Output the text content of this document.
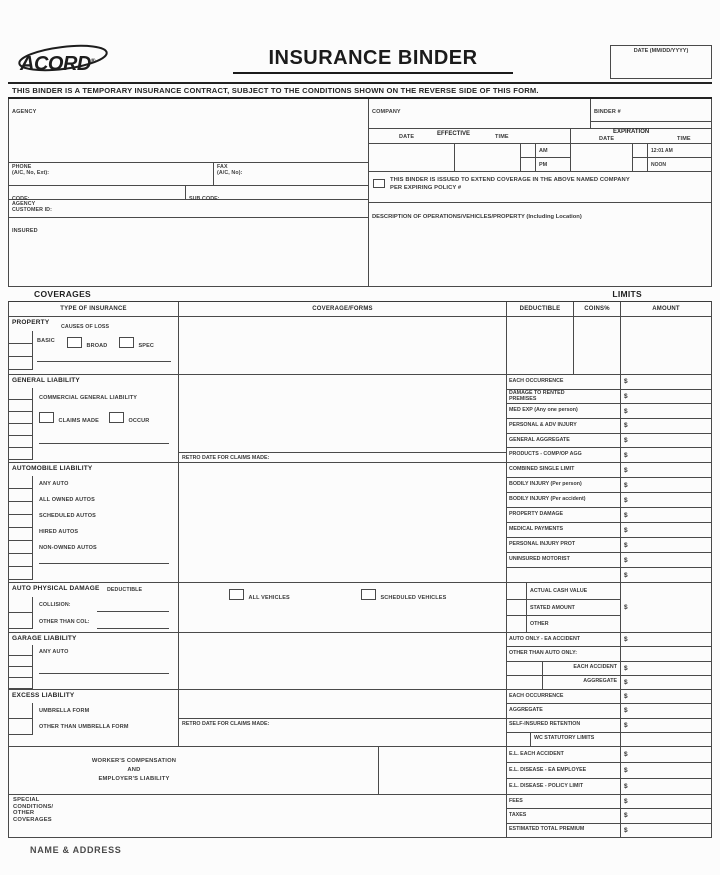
ACORD®	INSURANCE BINDER	DATE (MM/DD/YYYY)
THIS BINDER IS A TEMPORARY INSURANCE CONTRACT, SUBJECT TO THE CONDITIONS SHOWN ON THE REVERSE SIDE OF THIS FORM.
AGENCY
PHONE
(A/C, No, Ext):
FAX
(A/C, No):
CODE:	SUB CODE:
AGENCY
CUSTOMER ID:
INSURED
COMPANY	BINDER #
DATE	EFFECTIVE	TIME
EXPIRATION
DATE	TIME
AM
PM
12:01 AM
NOON
THIS BINDER IS ISSUED TO EXTEND COVERAGE IN THE ABOVE NAMED COMPANY PER EXPIRING POLICY #
DESCRIPTION OF OPERATIONS/VEHICLES/PROPERTY (Including Location)
COVERAGES	LIMITS
TYPE OF INSURANCE	COVERAGE/FORMS	DEDUCTIBLE	COINS%	AMOUNT
PROPERTY
CAUSES OF LOSS
BASIC
BROAD	SPEC
GENERAL LIABILITY
COMMERCIAL GENERAL LIABILITY
CLAIMS MADE	OCCUR
RETRO DATE FOR CLAIMS MADE:
EACH OCCURRENCE	$
DAMAGE TO RENTED PREMISES	$
MED EXP (Any one person)	$
PERSONAL & ADV INJURY	$
GENERAL AGGREGATE	$
PRODUCTS - COMP/OP AGG	$
AUTOMOBILE LIABILITY
ANY AUTO
ALL OWNED AUTOS
SCHEDULED AUTOS
HIRED AUTOS
NON-OWNED AUTOS
COMBINED SINGLE LIMIT	$
BODILY INJURY (Per person)	$
BODILY INJURY (Per accident)	$
PROPERTY DAMAGE	$
MEDICAL PAYMENTS	$
PERSONAL INJURY PROT	$
UNINSURED MOTORIST	$
$
AUTO PHYSICAL DAMAGE DEDUCTIBLE
COLLISION:
OTHER THAN COL:
ALL VEHICLES	SCHEDULED VEHICLES
ACTUAL CASH VALUE
STATED AMOUNT
OTHER
$
GARAGE LIABILITY
ANY AUTO
AUTO ONLY - EA ACCIDENT	$
OTHER THAN AUTO ONLY:
EACH ACCIDENT	$
AGGREGATE	$
EXCESS LIABILITY
UMBRELLA FORM
OTHER THAN UMBRELLA FORM	RETRO DATE FOR CLAIMS MADE:
EACH OCCURRENCE	$
AGGREGATE	$
SELF-INSURED RETENTION	$
WC STATUTORY LIMITS
WORKER'S COMPENSATION
AND
EMPLOYER'S LIABILITY
E.L. EACH ACCIDENT	$
E.L. DISEASE - EA EMPLOYEE	$
E.L. DISEASE - POLICY LIMIT	$
SPECIAL
CONDITIONS/
OTHER
COVERAGES
FEES	$
TAXES	$
ESTIMATED TOTAL PREMIUM	$
NAME & ADDRESS
